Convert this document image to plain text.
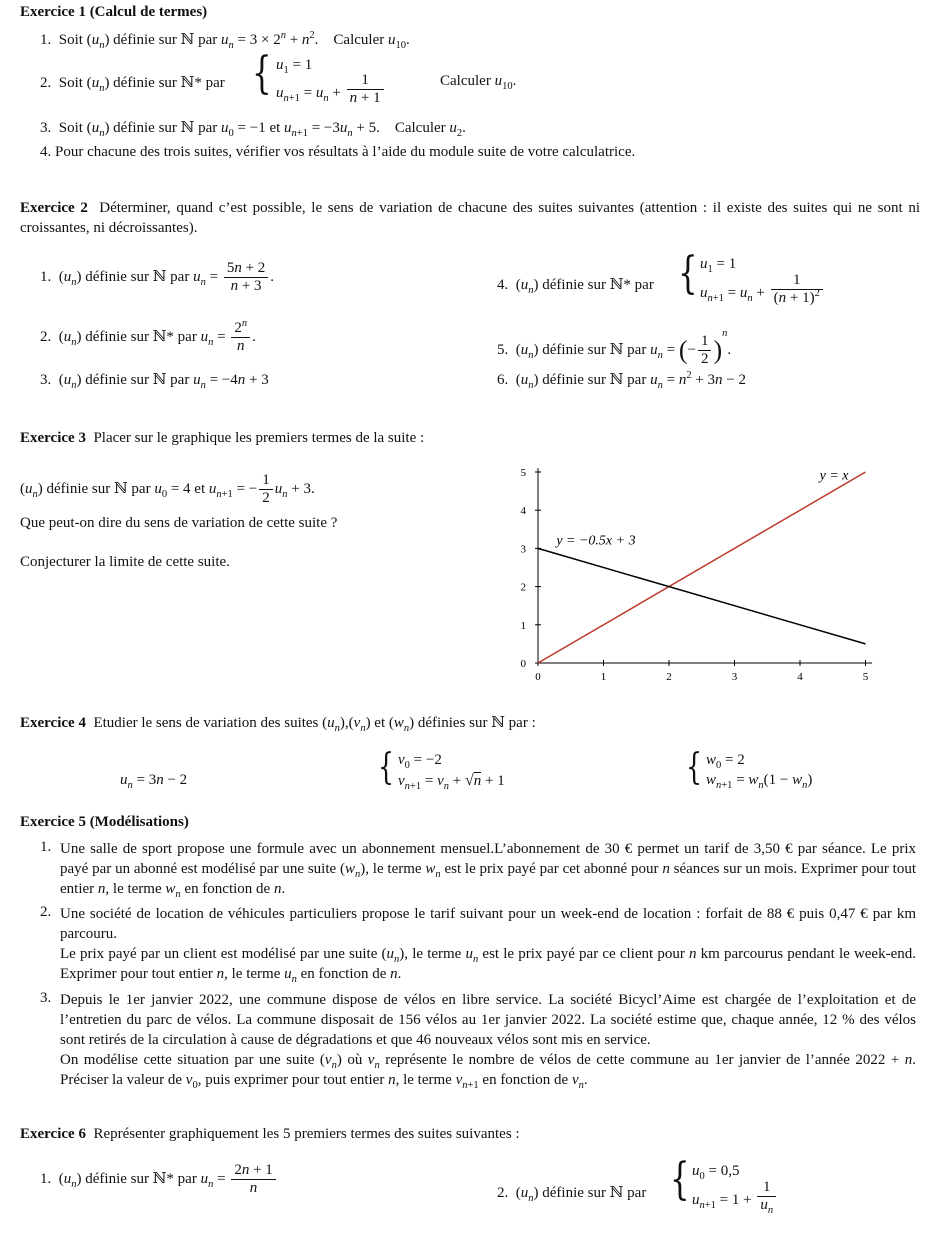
Exercice 1 (Calcul de termes)
1.  Soit $(u_n)$ définie sur ℕ par $u_n = 3 \times 2^n + n^2$.    Calculer $u_{10}$.
2.  Soit $(u_n)$ définie sur ℕ* par { $u_1 = 1$
$u_{n+1} = u_n + \frac{1}{n + 1}$	Calculer $u_{10}$.
3.  Soit $(u_n)$ définie sur ℕ par $u_0 = -1$ et $u_{n+1} = -3u_n + 5$.    Calculer $u_2$.
4. Pour chacune des trois suites, vérifier vos résultats à l’aide du module suite de votre calculatrice.
Exercice 2 Déterminer, quand c’est possible, le sens de variation de chacune des suites suivantes (attention : il existe des suites qui ne sont ni croissantes, ni décroissantes).
1.  $(u_n)$ définie sur ℕ par $u_n = \frac{5n + 2}{n + 3}$ .
2.  $(u_n)$ définie sur ℕ* par $u_n = \frac{2^n}{n}$ .
3.  $(u_n)$ définie sur ℕ par $u_n = -4n + 3$
4.  $(u_n)$ définie sur ℕ* par { $u_1 = 1$
$u_{n+1} = u_n + \frac{1}{(n + 1)^2}$
5.  $(u_n)$ définie sur ℕ par $u_n$ = (− $\frac{1}{2} )^n$.
6.  $(u_n)$ définie sur ℕ par $u_n = n^2 + 3n - 2$
Exercice 3 Placer sur le graphique les premiers termes de la suite :
$(u_n)$ définie sur ℕ par $u_0 = 4$ et $u_{n+1}$ = − $\frac{1}{2} u_n + 3$.
Que peut-on dire du sens de variation de cette suite ?
Conjecturer la limite de cette suite.
0	1	2	3	4	5
0
1
2
3
4
5	y = x
y = −0.5x + 3
Exercice 4  Etudier le sens de variation des suites $(u_n),(v_n)$ et $(w_n)$ définies sur ℕ par :
$u_n = 3n - 2$	{ $v_0 = -2$
$v_{n+1} = v_n + √n + 1$	{ $w_0 = 2$
$w_{n+1} = w_n(1 - w_n)$
Exercice 5 (Modélisations)
1. Une salle de sport propose une formule avec un abonnement mensuel.L’abonnement de 30 € permet un tarif de 3,50 € par séance. Le prix payé par un abonné est modélisé par une suite $(w_n)$, le terme $w_n$ est le prix payé par cet abonné pour n séances sur un mois. Exprimer pour tout entier n, le terme $w_n$ en fonction de n.
2. Une société de location de véhicules particuliers propose le tarif suivant pour un week-end de location : forfait de 88 € puis 0,47 € par km parcouru.
Le prix payé par un client est modélisé par une suite $(u_n)$, le terme $u_n$ est le prix payé par ce client pour n km parcourus pendant le week-end. Exprimer pour tout entier n, le terme $u_n$ en fonction de n.
3. Depuis le 1er janvier 2022, une commune dispose de vélos en libre service. La société Bicycl’Aime est chargée de l’exploitation et de l’entretien du parc de vélos. La commune disposait de 156 vélos au 1er janvier 2022. La société estime que, chaque année, 12 % des vélos sont retirés de la circulation à cause de dégradations et que 46 nouveaux vélos sont mis en service.
On modélise cette situation par une suite $(v_n)$ où $v_n$ représente le nombre de vélos de cette commune au 1er janvier de l’année 2022 + n. Préciser la valeur de $v_0$, puis exprimer pour tout entier n, le terme $v_{n+1}$ en fonction de $v_n$.
Exercice 6 Représenter graphiquement les 5 premiers termes des suites suivantes :
1.  $(u_n)$ définie sur ℕ* par $u_n = \frac{2n + 1}{n}$	2.  $(u_n)$ définie sur ℕ par { $u_0 = 0,5$
$u_{n+1} = 1 + \frac{1}{u_n}$
